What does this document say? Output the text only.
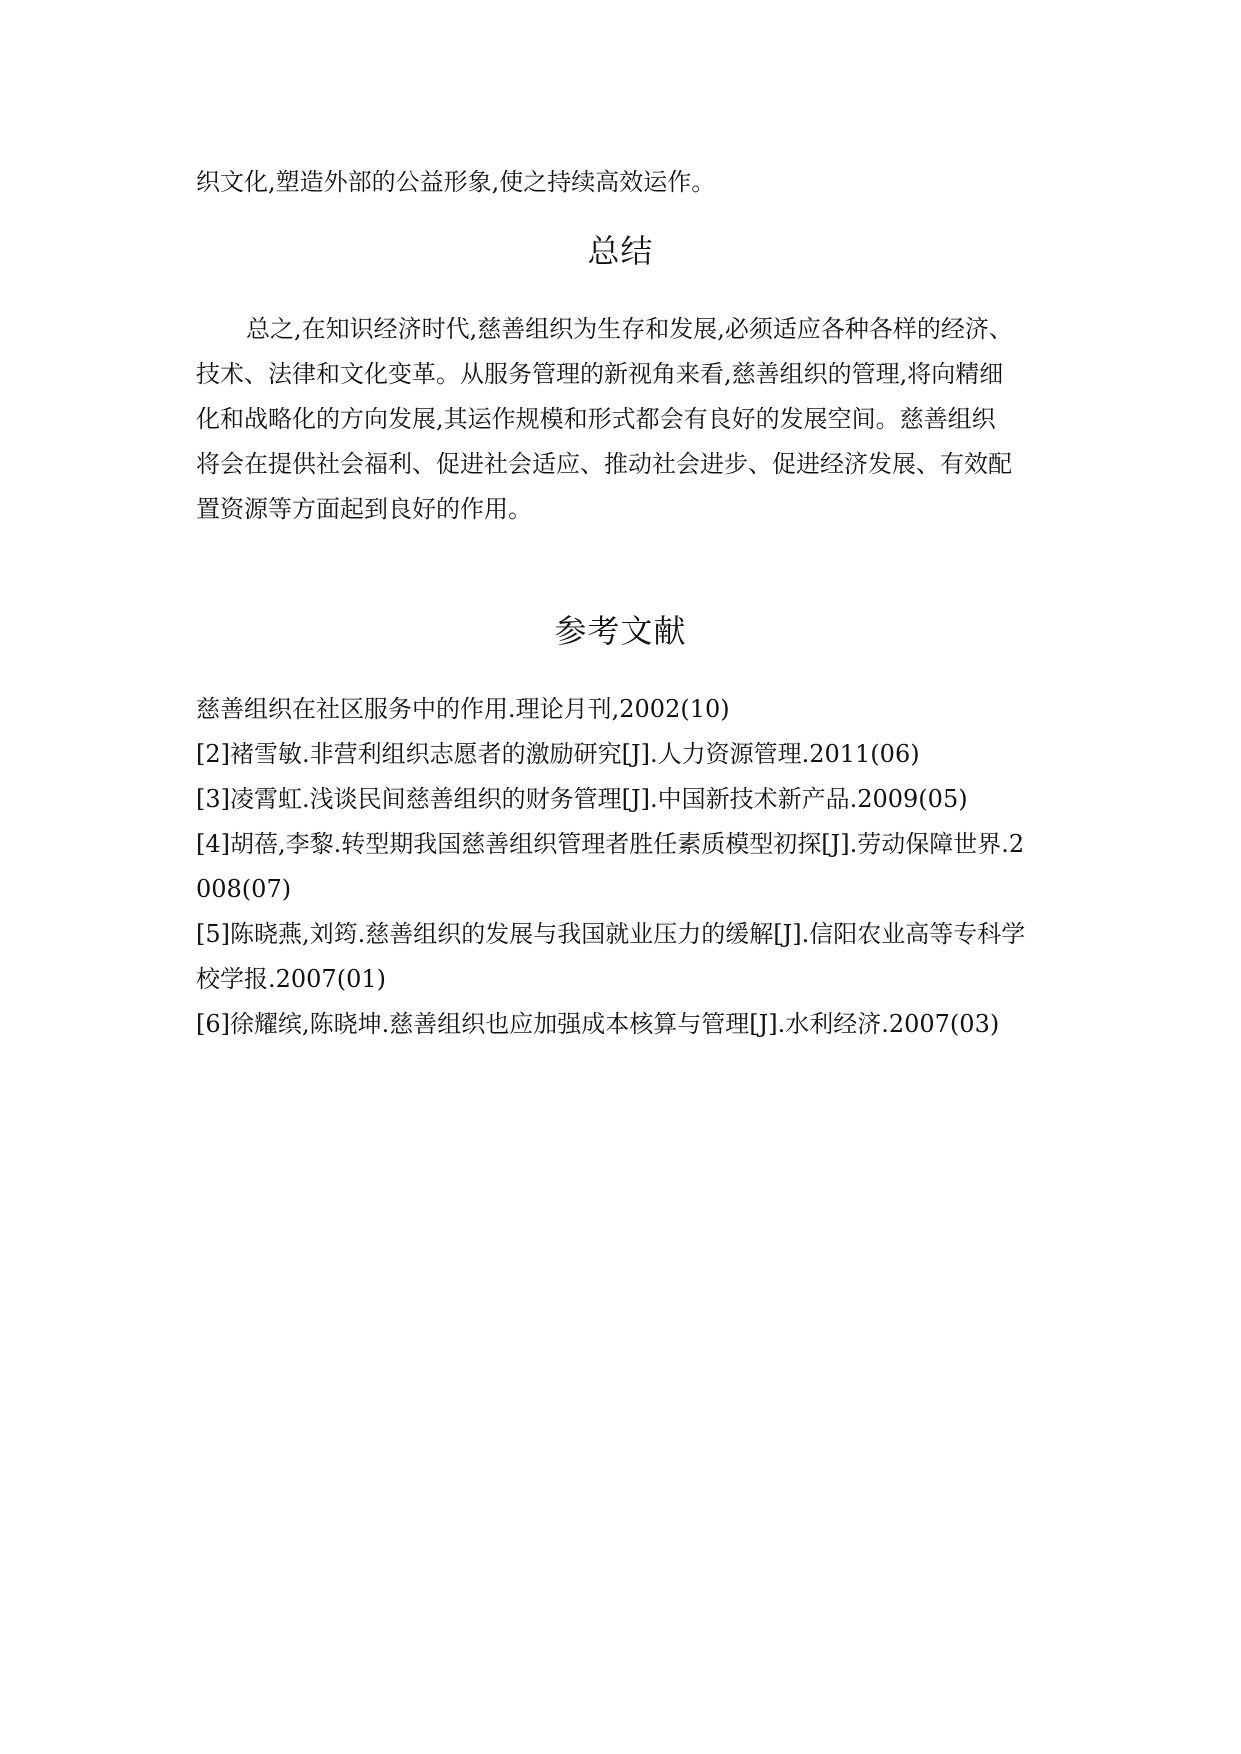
织文化,塑造外部的公益形象,使之持续高效运作。
总结
总之,在知识经济时代,慈善组织为生存和发展,必须适应各种各样的经济、
技术、法律和文化变革。从服务管理的新视角来看,慈善组织的管理,将向精细
化和战略化的方向发展,其运作规模和形式都会有良好的发展空间。慈善组织
将会在提供社会福利、促进社会适应、推动社会进步、促进经济发展、有效配
置资源等方面起到良好的作用。
参考文献
慈善组织在社区服务中的作用.理论月刊,2002(10)
[2]褚雪敏.非营利组织志愿者的激励研究[J].人力资源管理.2011(06)
[3]凌霄虹.浅谈民间慈善组织的财务管理[J].中国新技术新产品.2009(05)
[4]胡蓓,李黎.转型期我国慈善组织管理者胜任素质模型初探[J].劳动保障世界.2
008(07)
[5]陈晓燕,刘筠.慈善组织的发展与我国就业压力的缓解[J].信阳农业高等专科学
校学报.2007(01)
[6]徐耀缤,陈晓坤.慈善组织也应加强成本核算与管理[J].水利经济.2007(03)
